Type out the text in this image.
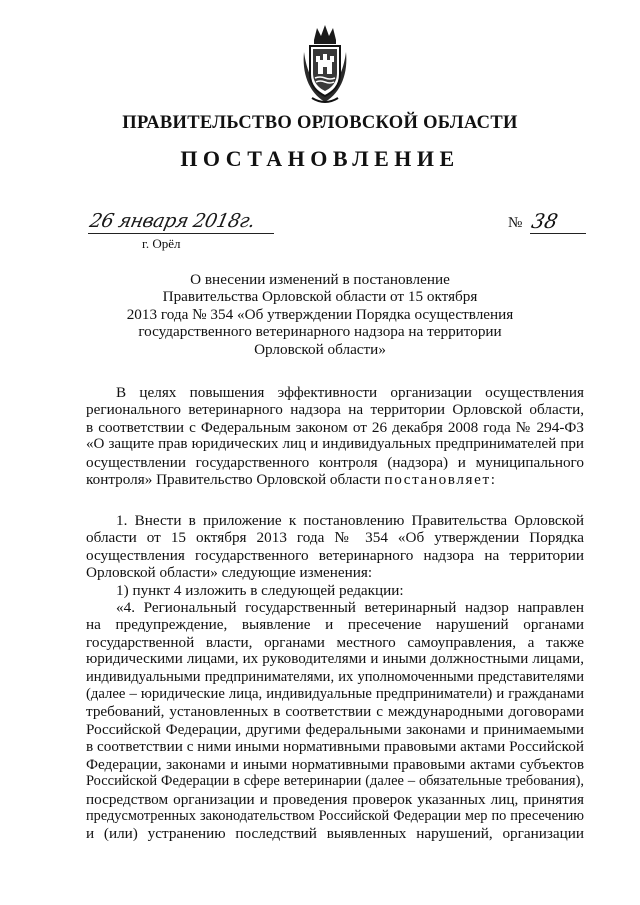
ПРАВИТЕЛЬСТВО ОРЛОВСКОЙ ОБЛАСТИ
ПОСТАНОВЛЕНИЕ
26 января 2018г.
г. Орёл
№ 38
О внесении изменений в постановление
Правительства Орловской области от 15 октября
2013 года № 354 «Об утверждении Порядка осуществления
государственного ветеринарного надзора на территории
Орловской области»
В целях повышения эффективности организации осуществления
регионального ветеринарного надзора на территории Орловской области,
в соответствии с Федеральным законом от 26 декабря 2008 года № 294-ФЗ
«О защите прав юридических лиц и индивидуальных предпринимателей при
осуществлении государственного контроля (надзора) и муниципального
контроля» Правительство Орловской области постановляет:
1. Внести в приложение к постановлению Правительства Орловской
области от 15 октября 2013 года № 354 «Об утверждении Порядка
осуществления государственного ветеринарного надзора на территории
Орловской области» следующие изменения:
1) пункт 4 изложить в следующей редакции:
«4. Региональный государственный ветеринарный надзор направлен
на предупреждение, выявление и пресечение нарушений органами
государственной власти, органами местного самоуправления, а также
юридическими лицами, их руководителями и иными должностными лицами,
индивидуальными предпринимателями, их уполномоченными представителями
(далее – юридические лица, индивидуальные предприниматели) и гражданами
требований, установленных в соответствии с международными договорами
Российской Федерации, другими федеральными законами и принимаемыми
в соответствии с ними иными нормативными правовыми актами Российской
Федерации, законами и иными нормативными правовыми актами субъектов
Российской Федерации в сфере ветеринарии (далее – обязательные требования),
посредством организации и проведения проверок указанных лиц, принятия
предусмотренных законодательством Российской Федерации мер по пресечению
и (или) устранению последствий выявленных нарушений, организации
